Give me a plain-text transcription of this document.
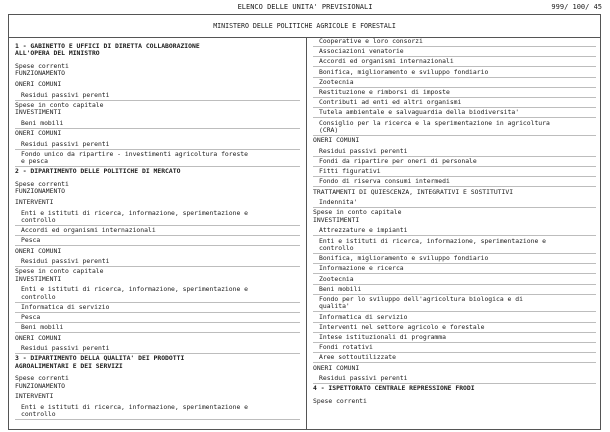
ELENCO DELLE UNITA' PREVISIONALI	999/ 100/ 45
MINISTERO DELLE POLITICHE AGRICOLE E FORESTALI
1 - GABINETTO E UFFICI DI DIRETTA COLLABORAZIONE
ALL'OPERA DEL MINISTRO
Spese correnti
FUNZIONAMENTO
ONERI COMUNI
Residui passivi perenti
Spese in conto capitale
INVESTIMENTI
Beni mobili
ONERI COMUNI
Residui passivi perenti
Fondo unico da ripartire - investimenti agricoltura foreste
e pesca
2 - DIPARTIMENTO DELLE POLITICHE DI MERCATO
Spese correnti
FUNZIONAMENTO
INTERVENTI
Enti e istituti di ricerca, informazione, sperimentazione e
controllo
Accordi ed organismi internazionali
Pesca
ONERI COMUNI
Residui passivi perenti
Spese in conto capitale
INVESTIMENTI
Enti e istituti di ricerca, informazione, sperimentazione e
controllo
Informatica di servizio
Pesca
Beni mobili
ONERI COMUNI
Residui passivi perenti
3 - DIPARTIMENTO DELLA QUALITA' DEI PRODOTTI
AGROALIMENTARI E DEI SERVIZI
Spese correnti
FUNZIONAMENTO
INTERVENTI
Enti e istituti di ricerca, informazione, sperimentazione e
controllo
Cooperative e loro consorzi
Associazioni venatorie
Accordi ed organismi internazionali
Bonifica, miglioramento e sviluppo fondiario
Zootecnia
Restituzione e rimborsi di imposte
Contributi ad enti ed altri organismi
Tutela ambientale e salvaguardia della biodiversita'
Consiglio per la ricerca e la sperimentazione in agricoltura
(CRA)
ONERI COMUNI
Residui passivi perenti
Fondi da ripartire per oneri di personale
Fitti figurativi
Fondo di riserva consumi intermedi
TRATTAMENTI DI QUIESCENZA, INTEGRATIVI E SOSTITUTIVI
Indennita'
Spese in conto capitale
INVESTIMENTI
Attrezzature e impianti
Enti e istituti di ricerca, informazione, sperimentazione e
controllo
Bonifica, miglioramento e sviluppo fondiario
Informazione e ricerca
Zootecnia
Beni mobili
Fondo per lo sviluppo dell'agricoltura biologica e di
qualita'
Informatica di servizio
Interventi nel settore agricolo e forestale
Intese istituzionali di programma
Fondi rotativi
Aree sottoutilizzate
ONERI COMUNI
Residui passivi perenti
4 - ISPETTORATO CENTRALE REPRESSIONE FRODI
Spese correnti
